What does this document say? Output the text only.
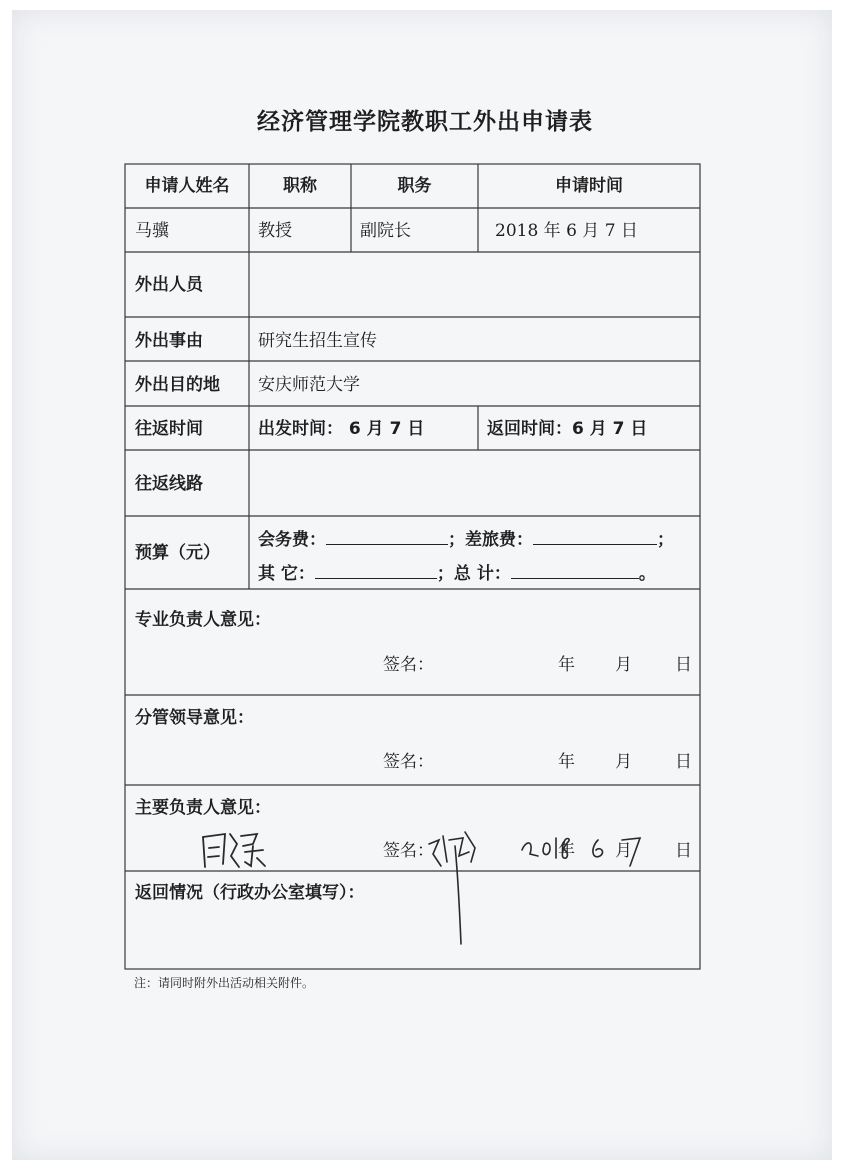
经济管理学院教职工外出申请表
申请人姓名	职称	职务	申请时间
马骥	教授	副院长	2018 年 6 月 7 日
外出人员
外出事由	研究生招生宣传
外出目的地 安庆师范大学
往返时间	出发时间： 6 月 7 日	返回时间：6 月 7 日
往返线路
预算（元）
会务费：	；差旅费：	；
其 它：	；总 计：	。
专业负责人意见：
签名：	年 月	日
分管领导意见：
签名：	年 月	日
主要负责人意见：
签名：	年 月	日
返回情况（行政办公室填写）：
注：请同时附外出活动相关附件。
